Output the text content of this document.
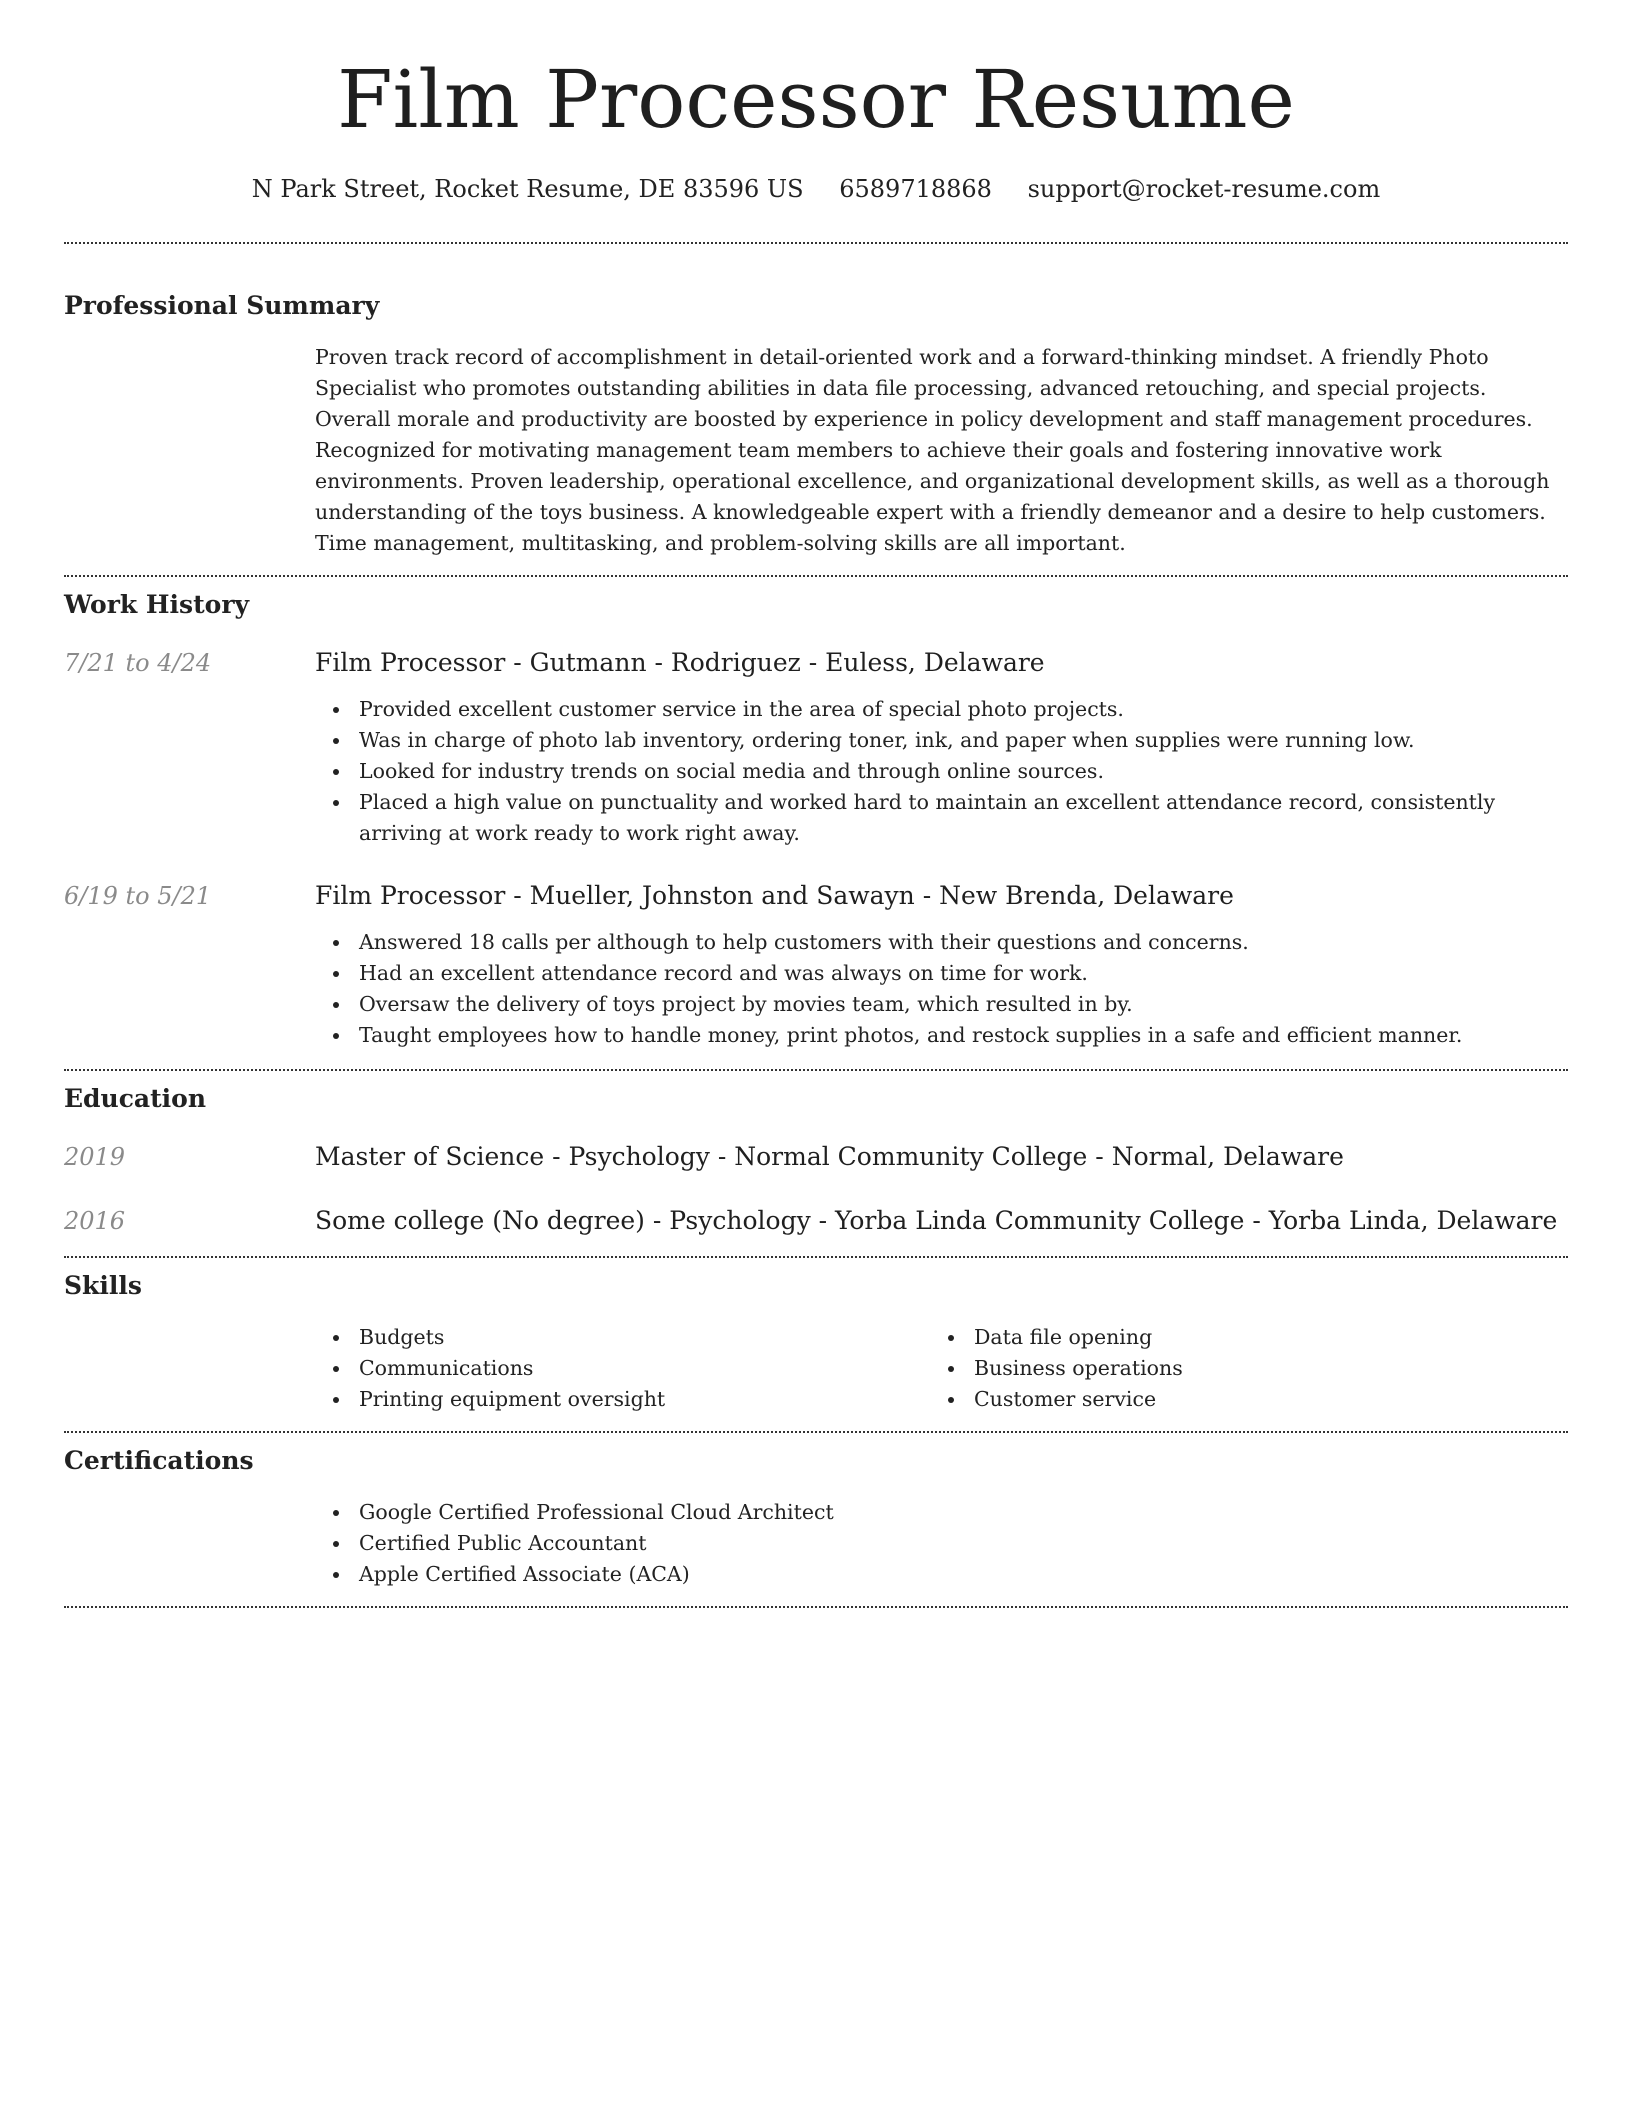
Film Processor Resume
N Park Street, Rocket Resume, DE 83596 US 6589718868 support@rocket-resume.com
Professional Summary

Proven track record of accomplishment in detail-oriented work and a forward-thinking mindset. A friendly Photo Specialist who promotes outstanding abilities in data file processing, advanced retouching, and special projects. Overall morale and productivity are boosted by experience in policy development and staff management procedures. Recognized for motivating management team members to achieve their goals and fostering innovative work environments. Proven leadership, operational excellence, and organizational development skills, as well as a thorough understanding of the toys business. A knowledgeable expert with a friendly demeanor and a desire to help customers. Time management, multitasking, and problem-solving skills are all important.

Work History
7/21 to 4/24	Film Processor - Gutmann - Rodriguez - Euless, Delaware
Provided excellent customer service in the area of special photo projects.
Was in charge of photo lab inventory, ordering toner, ink, and paper when supplies were running low.
Looked for industry trends on social media and through online sources.
Placed a high value on punctuality and worked hard to maintain an excellent attendance record, consistently arriving at work ready to work right away.
6/19 to 5/21	Film Processor - Mueller, Johnston and Sawayn - New Brenda, Delaware
Answered 18 calls per although to help customers with their questions and concerns.
Had an excellent attendance record and was always on time for work.
Oversaw the delivery of toys project by movies team, which resulted in by.
Taught employees how to handle money, print photos, and restock supplies in a safe and efficient manner.
Education
2019	Master of Science - Psychology - Normal Community College - Normal, Delaware
2016	Some college (No degree) - Psychology - Yorba Linda Community College - Yorba Linda, Delaware
Skills
Budgets
Communications
Printing equipment oversight
Data file opening
Business operations
Customer service
Certifications
Google Certified Professional Cloud Architect
Certified Public Accountant
Apple Certified Associate (ACA)
